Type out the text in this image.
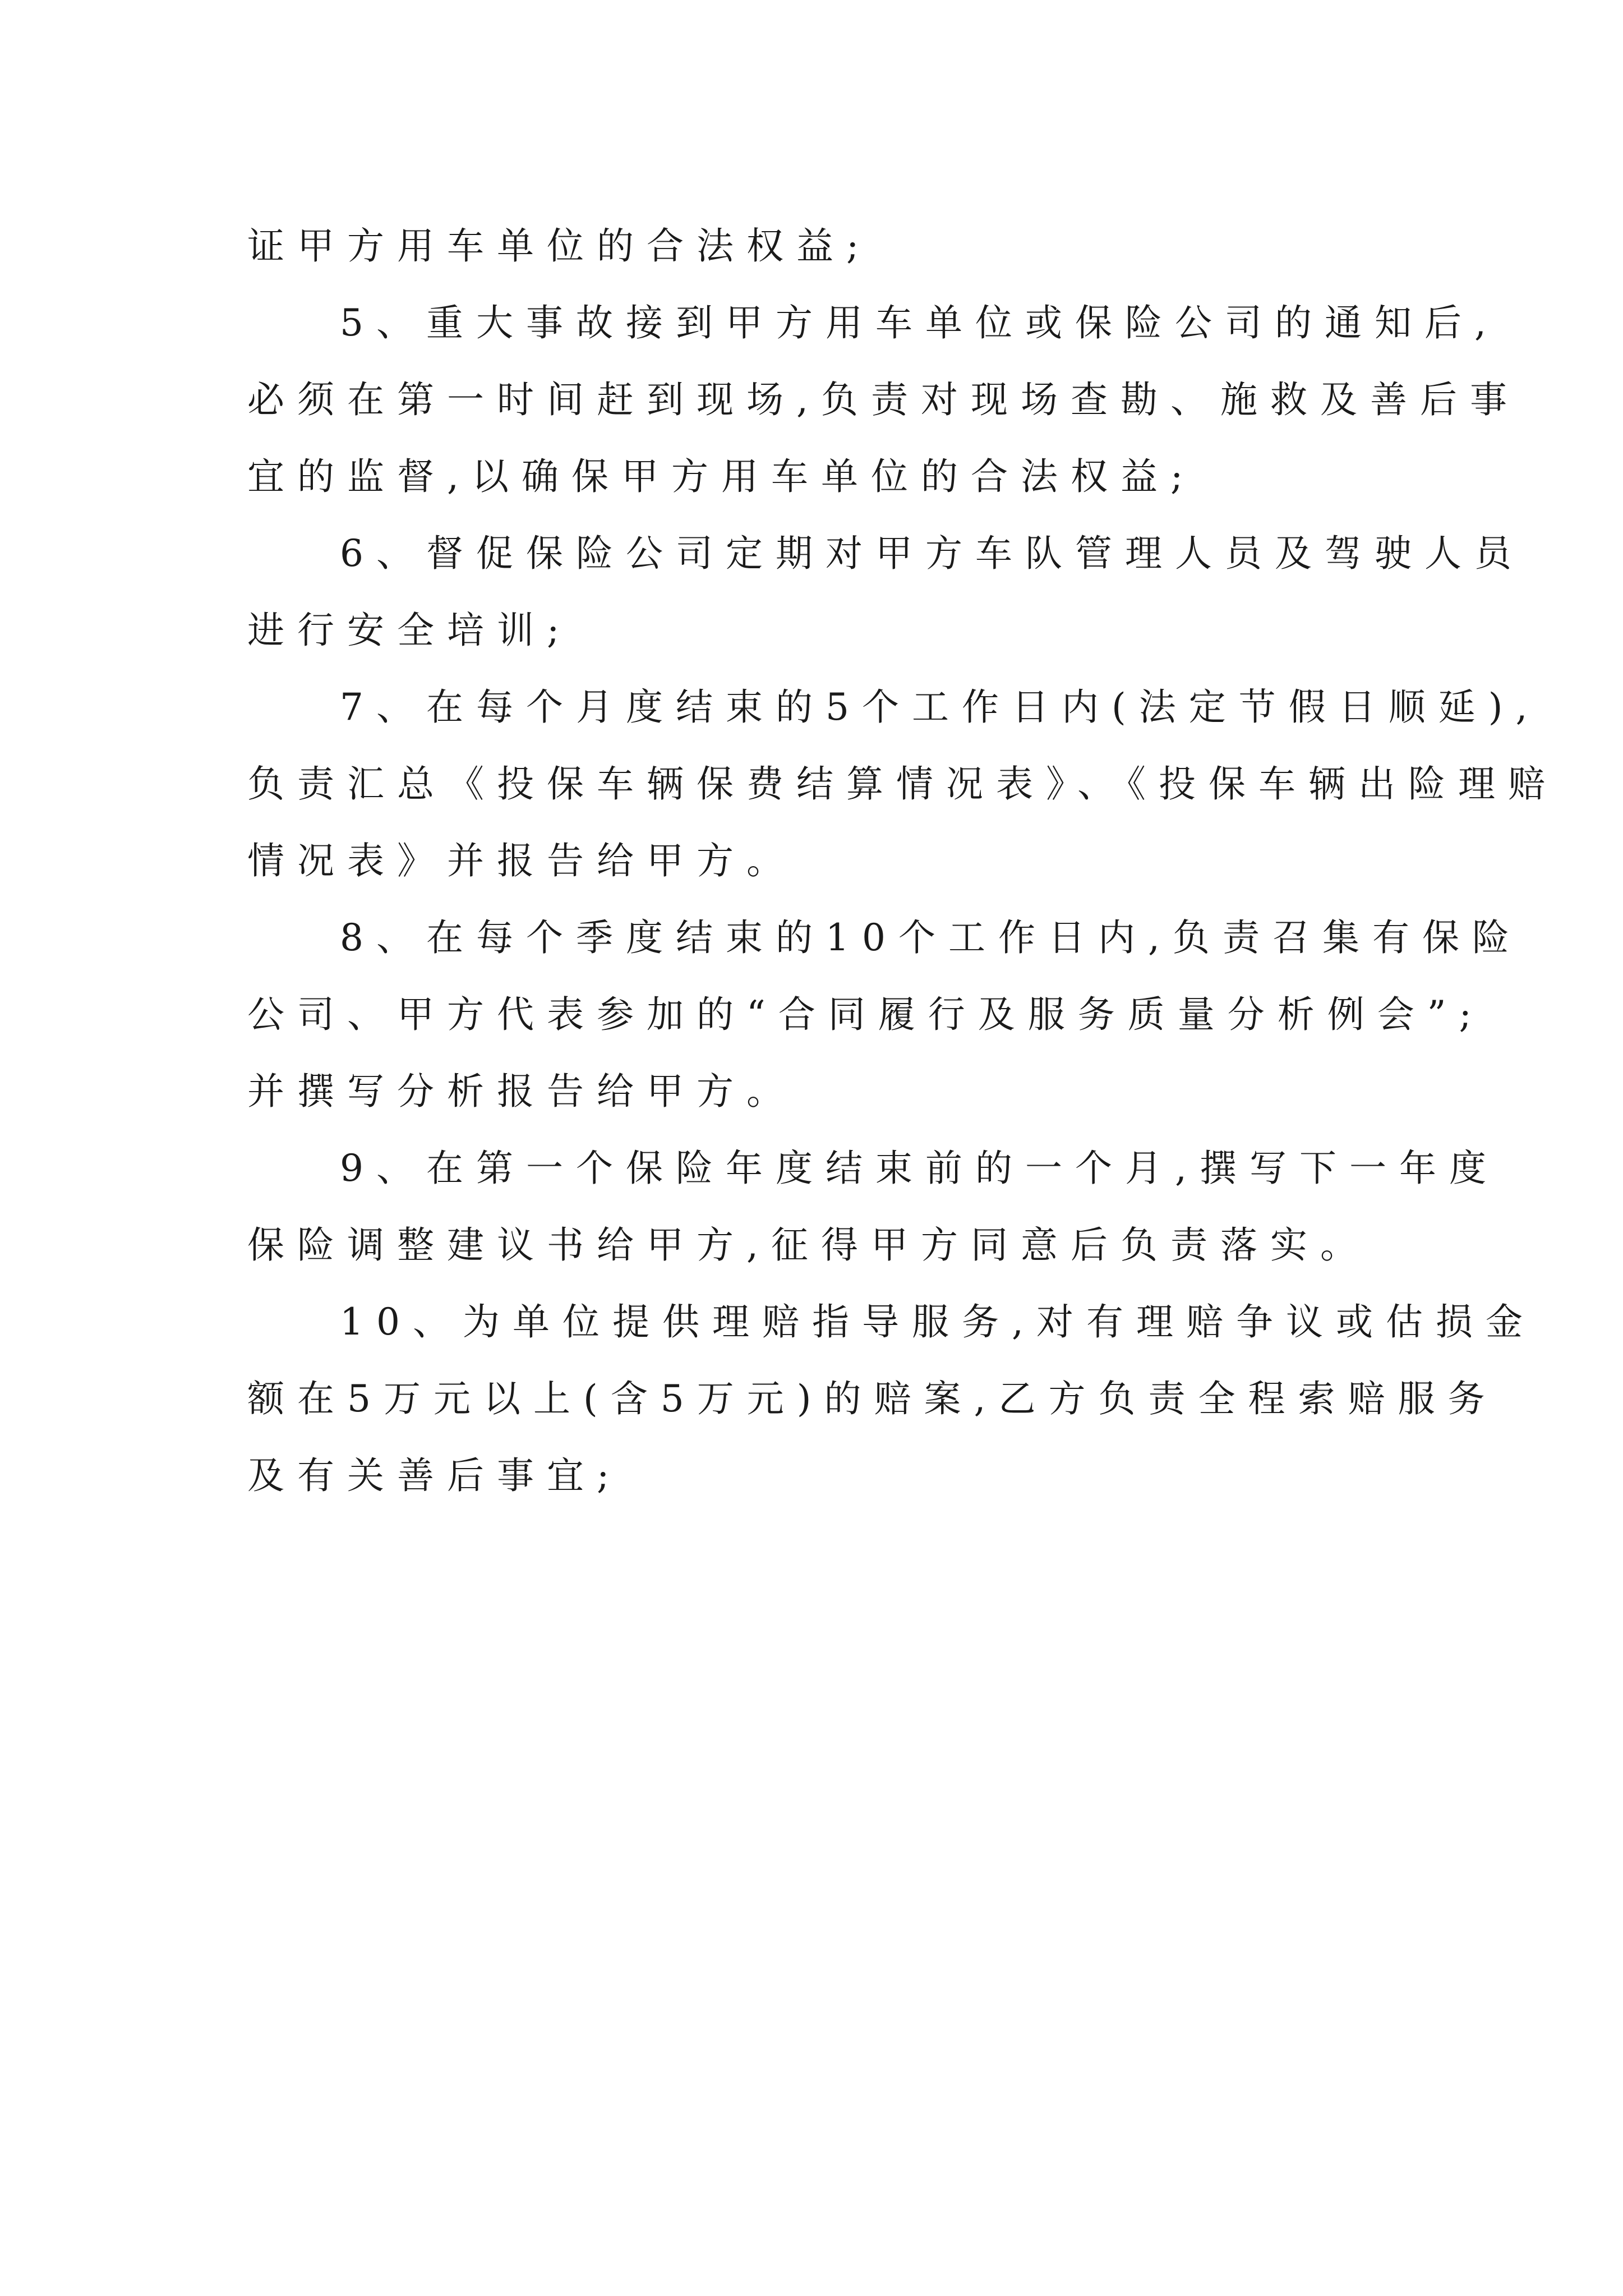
证甲方用车单位的合法权益;
5、重大事故接到甲方用车单位或保险公司的通知后,
必须在第一时间赶到现场,负责对现场查勘、施救及善后事
宜的监督,以确保甲方用车单位的合法权益;
6、督促保险公司定期对甲方车队管理人员及驾驶人员
进行安全培训;
7、在每个月度结束的5个工作日内(法定节假日顺延),
负责汇总《投保车辆保费结算情况表》、《投保车辆出险理赔
情况表》并报告给甲方。
8、在每个季度结束的10个工作日内,负责召集有保险
公司、甲方代表参加的“合同履行及服务质量分析例会”;
并撰写分析报告给甲方。
9、在第一个保险年度结束前的一个月,撰写下一年度
保险调整建议书给甲方,征得甲方同意后负责落实。
10、为单位提供理赔指导服务,对有理赔争议或估损金
额在5万元以上(含5万元)的赔案,乙方负责全程索赔服务
及有关善后事宜;
